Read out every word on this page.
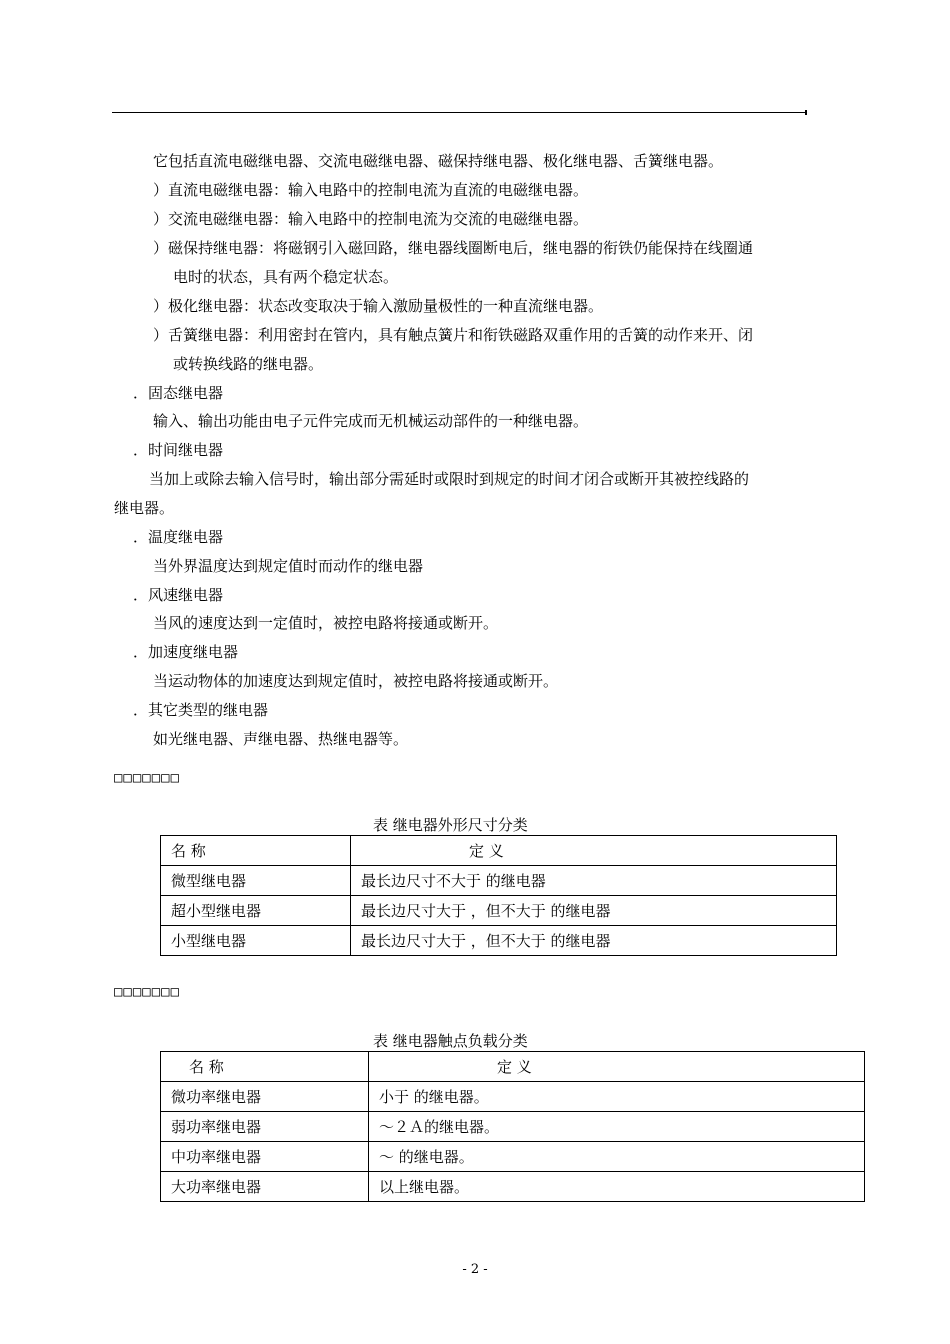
它包括直流电磁继电器、交流电磁继电器、磁保持继电器、极化继电器、舌簧继电器。
）直流电磁继电器：输入电路中的控制电流为直流的电磁继电器。
）交流电磁继电器：输入电路中的控制电流为交流的电磁继电器。
）磁保持继电器：将磁钢引入磁回路，继电器线圈断电后，继电器的衔铁仍能保持在线圈通
电时的状态，具有两个稳定状态。
）极化继电器：状态改变取决于输入激励量极性的一种直流继电器。
）舌簧继电器：利用密封在管内，具有触点簧片和衔铁磁路双重作用的舌簧的动作来开、闭
或转换线路的继电器。
．固态继电器
输入、输出功能由电子元件完成而无机械运动部件的一种继电器。
．时间继电器
当加上或除去输入信号时，输出部分需延时或限时到规定的时间才闭合或断开其被控线路的
继电器。
．温度继电器
当外界温度达到规定值时而动作的继电器
．风速继电器
当风的速度达到一定值时，被控电路将接通或断开。
．加速度继电器
当运动物体的加速度达到规定值时，被控电路将接通或断开。
．其它类型的继电器
如光继电器、声继电器、热继电器等。
□□□□□□□
表 继电器外形尺寸分类
名 称	定 义
微型继电器	最长边尺寸不大于 的继电器
超小型继电器	最长边尺寸大于 ，但不大于 的继电器
小型继电器	最长边尺寸大于 ，但不大于 的继电器
□□□□□□□
表 继电器触点负载分类
名 称	定 义
微功率继电器	小于 的继电器。
弱功率继电器	～２Ａ的继电器。
中功率继电器	～ 的继电器。
大功率继电器	以上继电器。
- 2 -
